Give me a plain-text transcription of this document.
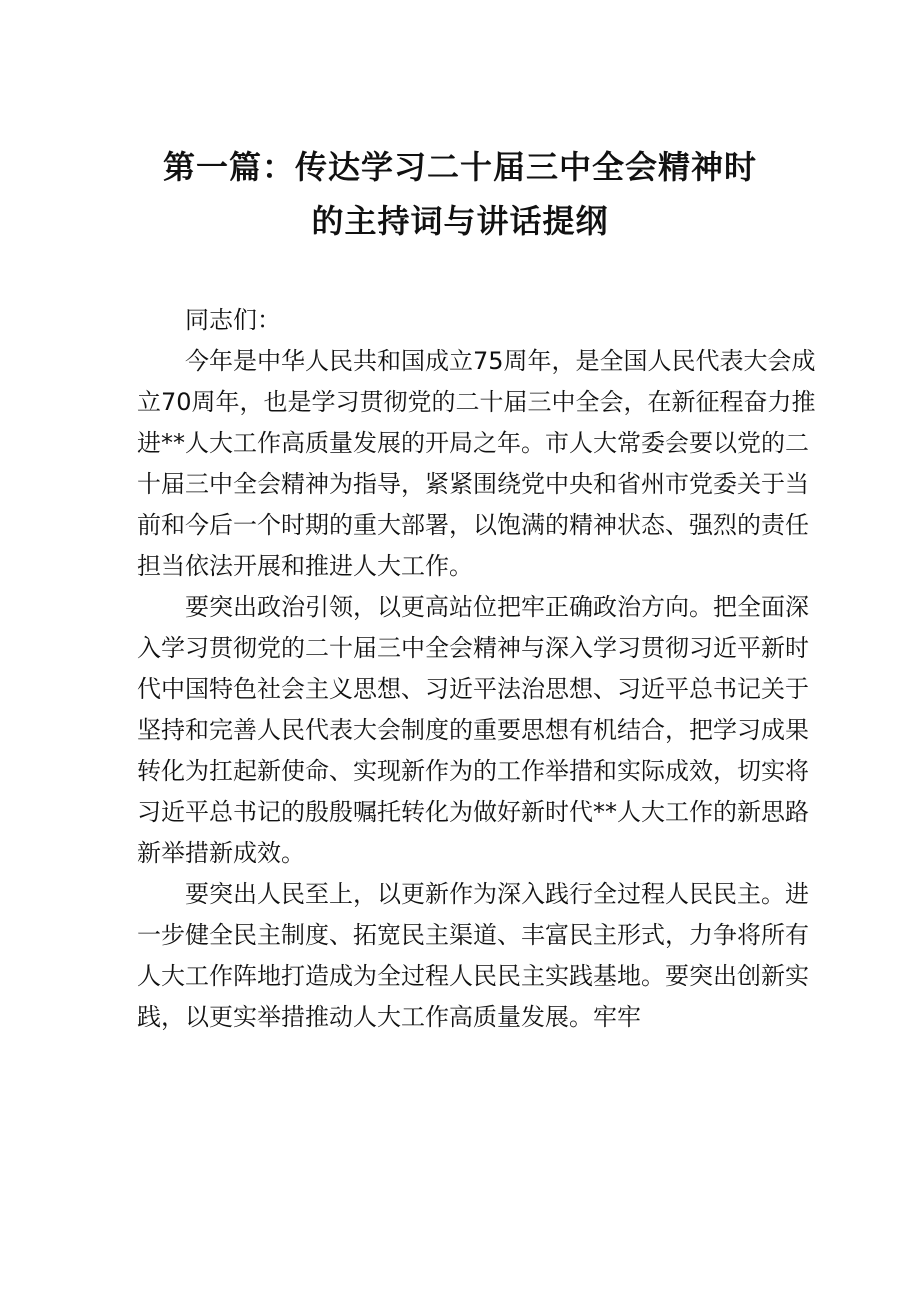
第一篇：传达学习二十届三中全会精神时
的主持词与讲话提纲
同志们：
今年是中华人民共和国成立75周年，是全国人民代表大会成
立70周年，也是学习贯彻党的二十届三中全会，在新征程奋力推
进**人大工作高质量发展的开局之年。市人大常委会要以党的二
十届三中全会精神为指导，紧紧围绕党中央和省州市党委关于当
前和今后一个时期的重大部署，以饱满的精神状态、强烈的责任
担当依法开展和推进人大工作。
要突出政治引领，以更高站位把牢正确政治方向。把全面深
入学习贯彻党的二十届三中全会精神与深入学习贯彻习近平新时
代中国特色社会主义思想、习近平法治思想、习近平总书记关于
坚持和完善人民代表大会制度的重要思想有机结合，把学习成果
转化为扛起新使命、实现新作为的工作举措和实际成效，切实将
习近平总书记的殷殷嘱托转化为做好新时代**人大工作的新思路
新举措新成效。
要突出人民至上，以更新作为深入践行全过程人民民主。进
一步健全民主制度、拓宽民主渠道、丰富民主形式，力争将所有
人大工作阵地打造成为全过程人民民主实践基地。要突出创新实
践，以更实举措推动人大工作高质量发展。牢牢
